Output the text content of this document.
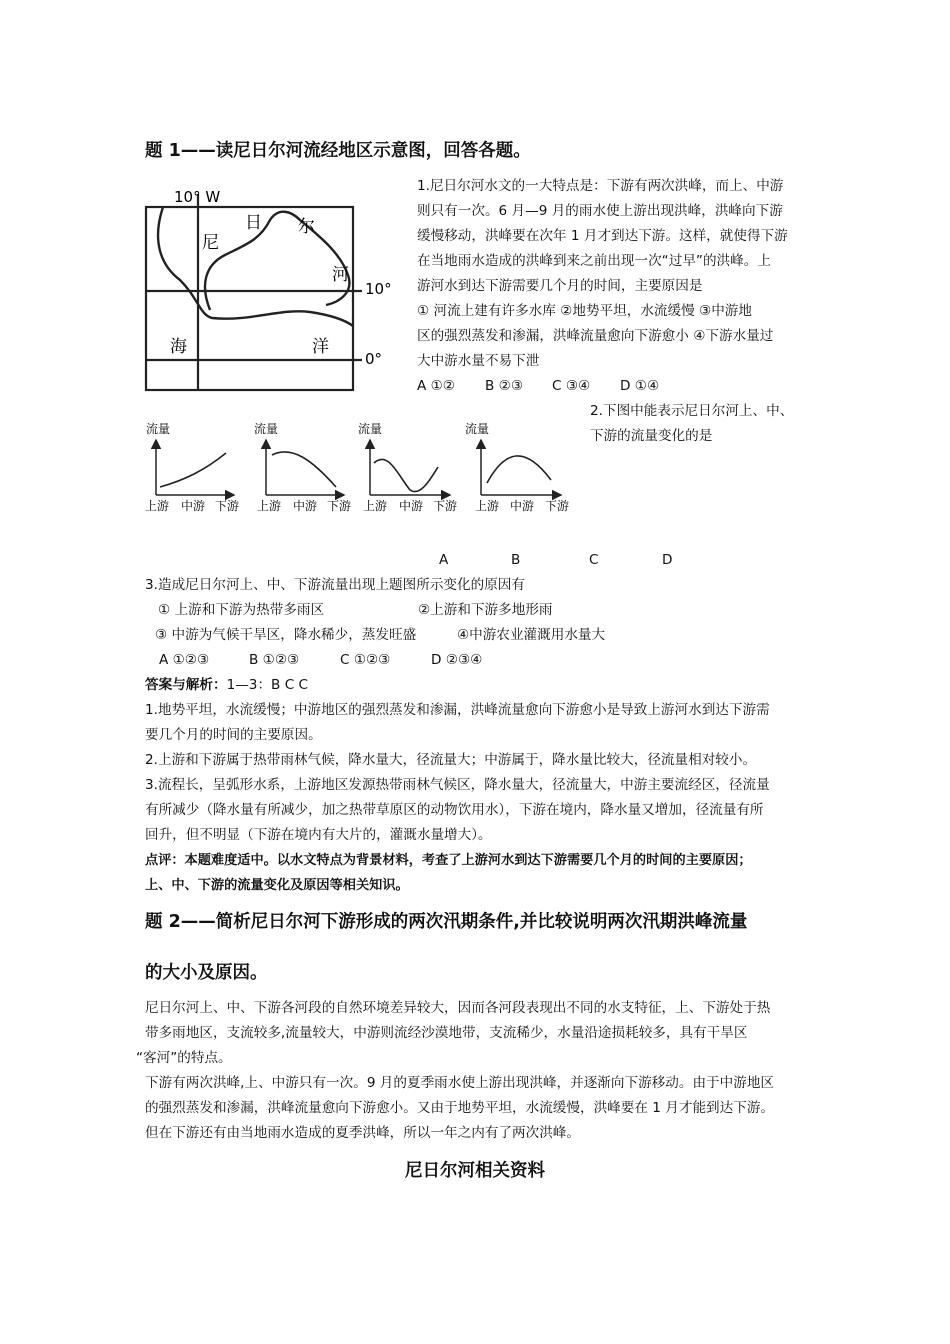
题 1——读尼日尔河流经地区示意图，回答各题。
10° W
10°
0°
尼
日 尔
河
海	洋
1.尼日尔河水文的一大特点是：下游有两次洪峰，而上、中游
则只有一次。6 月—9 月的雨水使上游出现洪峰，洪峰向下游
缓慢移动，洪峰要在次年 1 月才到达下游。这样，就使得下游
在当地雨水造成的洪峰到来之前出现一次“过早”的洪峰。上
游河水到达下游需要几个月的时间，主要原因是
① 河流上建有许多水库 ②地势平坦，水流缓慢 ③中游地
区的强烈蒸发和渗漏，洪峰流量愈向下游愈小 ④下游水量过
大中游水量不易下泄
A ①② B ②③ C ③④ D ①④
2.下图中能表示尼日尔河上、中、
下游的流量变化的是
流量
上游 中游 下游
流量
上游 中游 下游
流量
上游 中游 下游
流量
上游 中游 下游
A	B	C	D
3.造成尼日尔河上、中、下游流量出现上题图所示变化的原因有
① 上游和下游为热带多雨区	②上游和下游多地形雨
③ 中游为气候干旱区，降水稀少，蒸发旺盛	④中游农业灌溉用水量大
A ①②③	B ①②③	C ①②③	D ②③④
答案与解析：1—3：B C C
1.地势平坦，水流缓慢；中游地区的强烈蒸发和渗漏，洪峰流量愈向下游愈小是导致上游河水到达下游需
要几个月的时间的主要原因。
2.上游和下游属于热带雨林气候，降水量大，径流量大；中游属于，降水量比较大，径流量相对较小。
3.流程长，呈弧形水系，上游地区发源热带雨林气候区，降水量大，径流量大，中游主要流经区，径流量
有所减少（降水量有所减少，加之热带草原区的动物饮用水），下游在境内，降水量又增加，径流量有所
回升，但不明显（下游在境内有大片的，灌溉水量增大）。
点评：本题难度适中。以水文特点为背景材料，考查了上游河水到达下游需要几个月的时间的主要原因；
上、中、下游的流量变化及原因等相关知识。
题 2——简析尼日尔河下游形成的两次汛期条件,并比较说明两次汛期洪峰流量
的大小及原因。
尼日尔河上、中、下游各河段的自然环境差异较大，因而各河段表现出不同的水支特征，上、下游处于热
带多雨地区，支流较多,流量较大，中游则流经沙漠地带，支流稀少，水量沿途损耗较多，具有干旱区
“客河”的特点。
下游有两次洪峰,上、中游只有一次。9 月的夏季雨水使上游出现洪峰，并逐渐向下游移动。由于中游地区
的强烈蒸发和渗漏，洪峰流量愈向下游愈小。又由于地势平坦，水流缓慢，洪峰要在 1 月才能到达下游。
但在下游还有由当地雨水造成的夏季洪峰，所以一年之内有了两次洪峰。
尼日尔河相关资料
